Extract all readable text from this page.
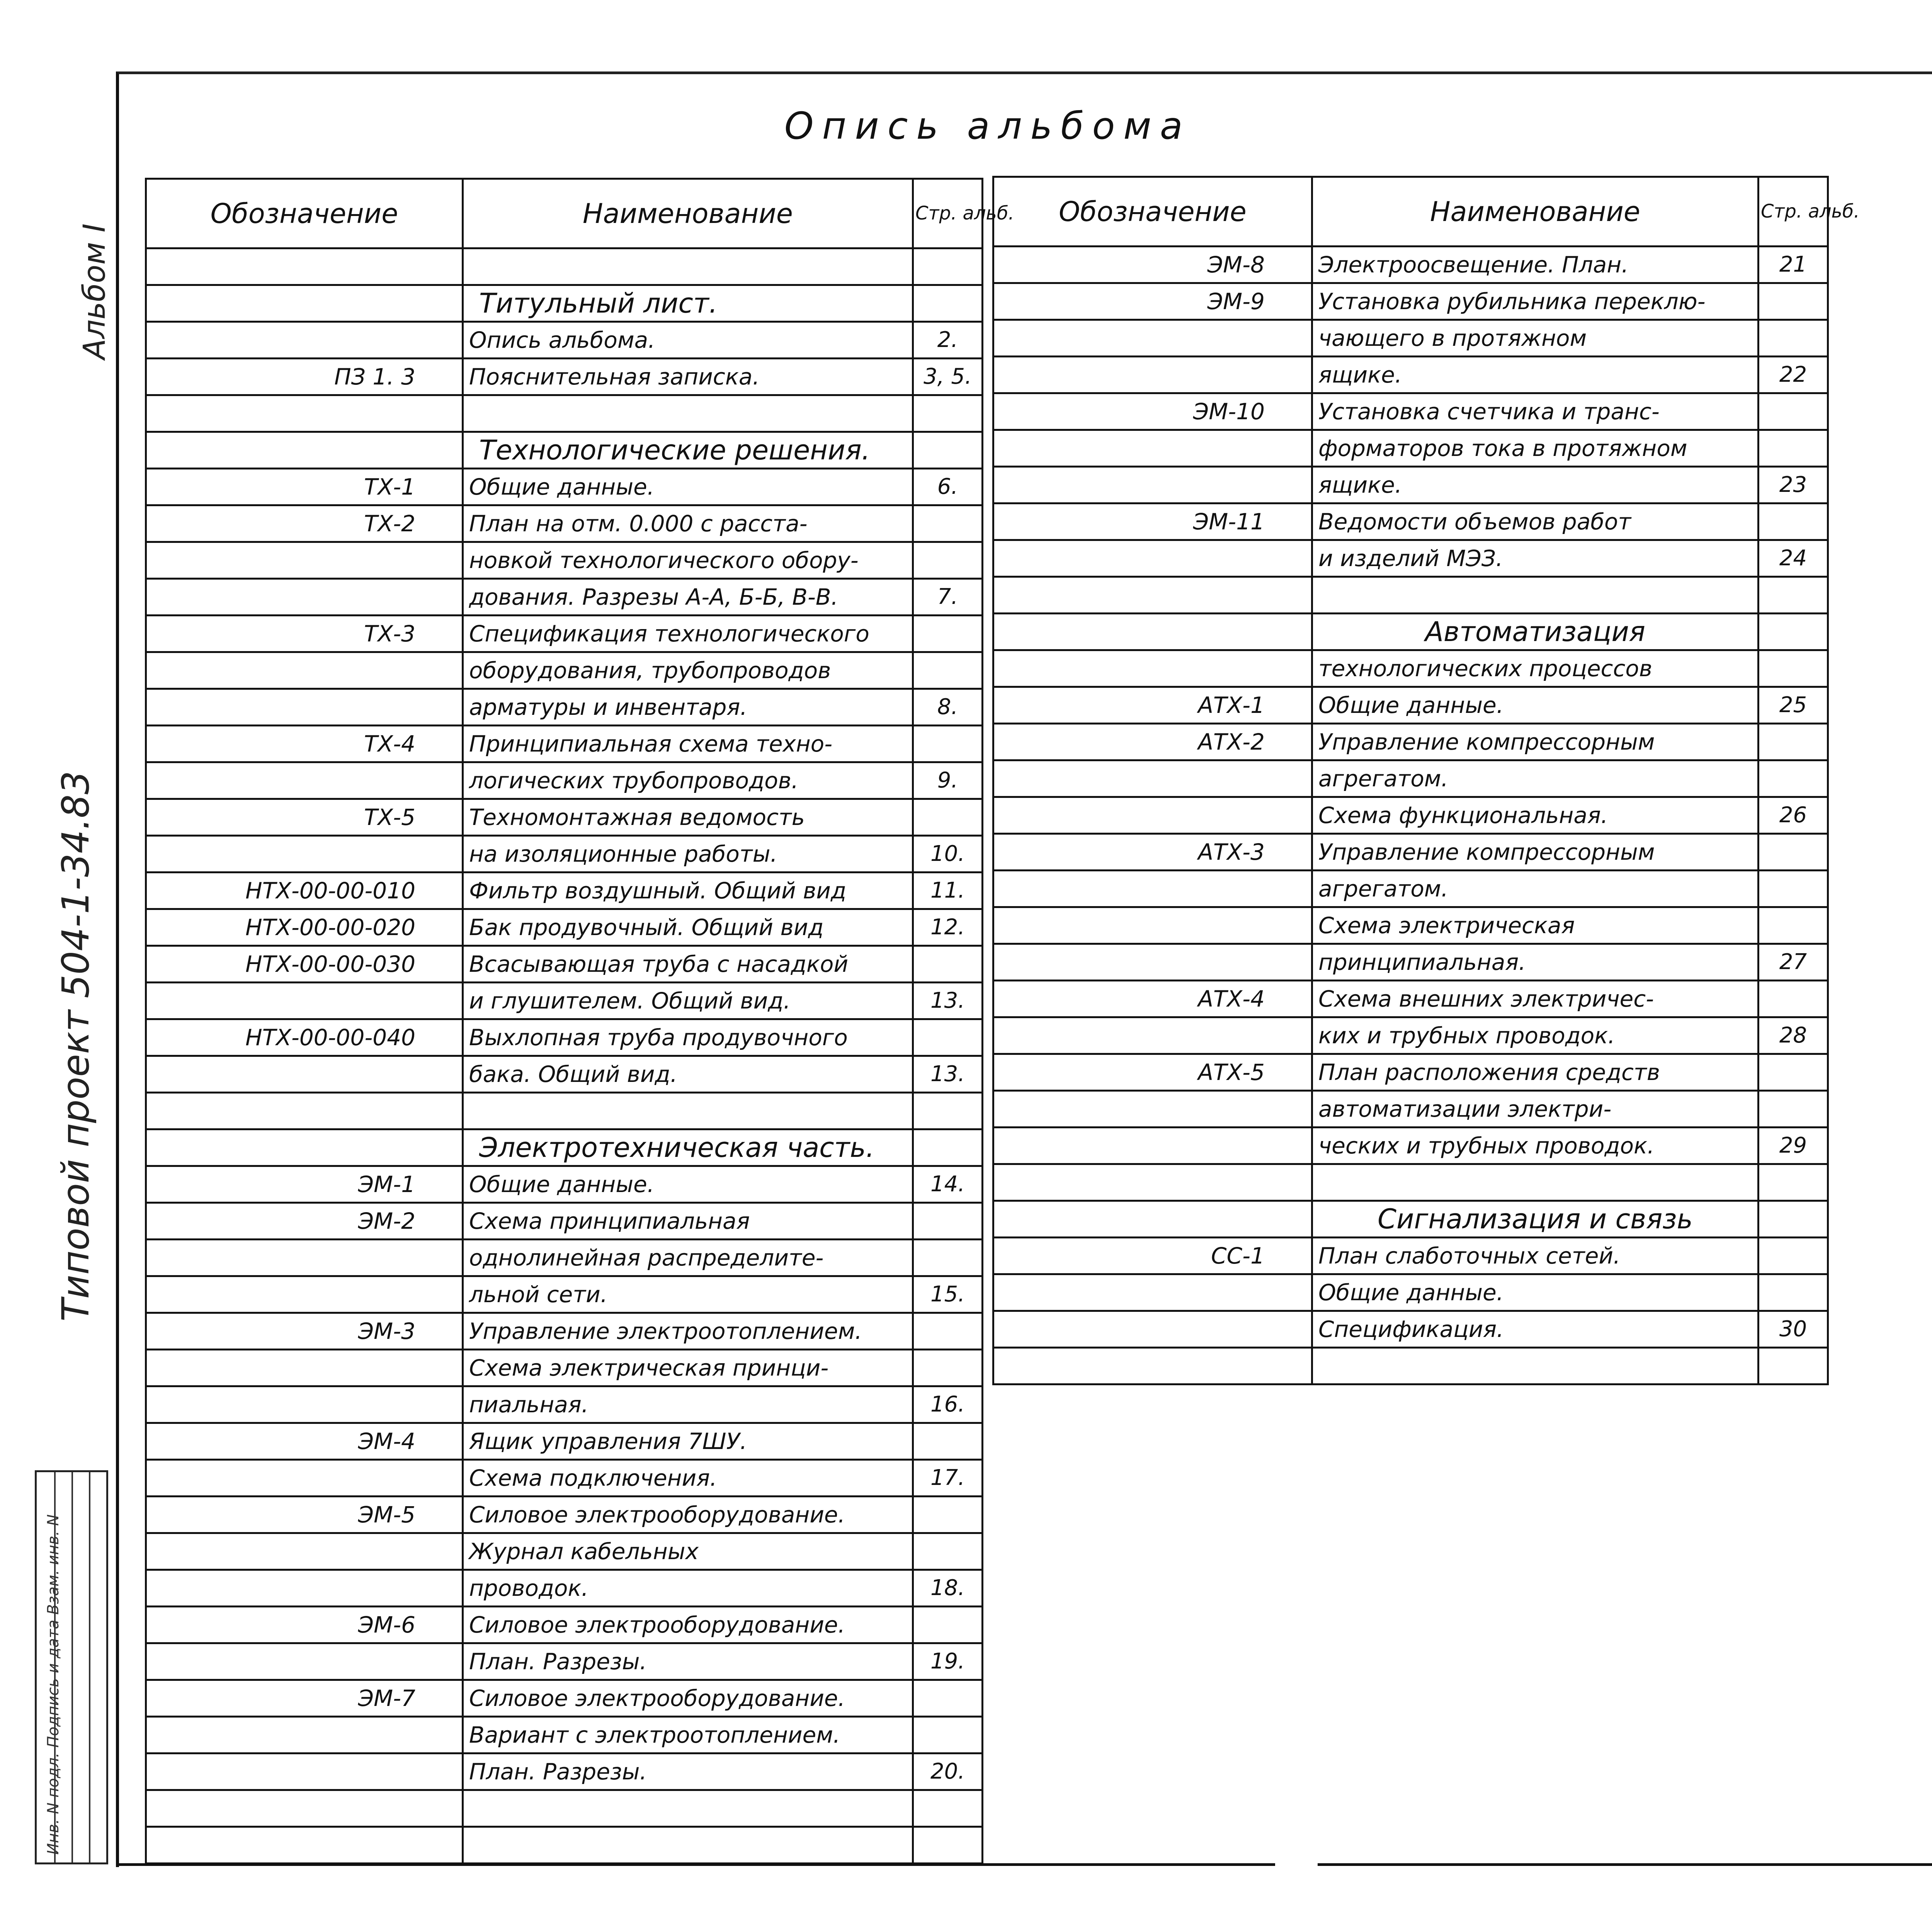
Опись альбома
Альбом I
Типовой проект 504-1-34.83
Инв. N подл. Подпись и дата Взам. инв. N
Обозначение	Наименование	Стр. альб.

	Титульный лист.	
	Опись альбома.	2.
ПЗ 1. 3	Пояснительная записка.	3, 5.

	Технологические решения.	
ТХ-1	Общие данные.	6.
ТХ-2	План на отм. 0.000 с расста-	
	новкой технологического обору-	
	дования. Разрезы А-А, Б-Б, В-В.	7.
ТХ-3	Спецификация технологического	
	оборудования, трубопроводов	
	арматуры и инвентаря.	8.
ТХ-4	Принципиальная схема техно-	
	логических трубопроводов.	9.
ТХ-5	Техномонтажная ведомость	
	на изоляционные работы.	10.
НТХ-00-00-010	Фильтр воздушный. Общий вид	11.
НТХ-00-00-020	Бак продувочный. Общий вид	12.
НТХ-00-00-030	Всасывающая труба с насадкой	
	и глушителем. Общий вид.	13.
НТХ-00-00-040	Выхлопная труба продувочного	
	бака. Общий вид.	13.

	Электротехническая часть.	
ЭМ-1	Общие данные.	14.
ЭМ-2	Схема принципиальная	
	однолинейная распределите-	
	льной сети.	15.
ЭМ-3	Управление электроотоплением.	
	Схема электрическая принци-	
	пиальная.	16.
ЭМ-4	Ящик управления 7ШУ.	
	Схема подключения.	17.
ЭМ-5	Силовое электрооборудование.	
	Журнал кабельных	
	проводок.	18.
ЭМ-6	Силовое электрооборудование.	
	План. Разрезы.	19.
ЭМ-7	Силовое электрооборудование.	
	Вариант с электроотоплением.	
	План. Разрезы.	20.

Обозначение	Наименование	Стр. альб.
ЭМ-8	Электроосвещение. План.	21
ЭМ-9	Установка рубильника переклю-	
	чающего в протяжном	
	ящике.	22
ЭМ-10	Установка счетчика и транс-	
	форматоров тока в протяжном	
	ящике.	23
ЭМ-11	Ведомости объемов работ	
	и изделий МЭЗ.	24

	Автоматизация	
	технологических процессов	
АТХ-1	Общие данные.	25
АТХ-2	Управление компрессорным	
	агрегатом.	
	Схема функциональная.	26
АТХ-3	Управление компрессорным	
	агрегатом.	
	Схема электрическая	
	принципиальная.	27
АТХ-4	Схема внешних электричес-	
	ких и трубных проводок.	28
АТХ-5	План расположения средств	
	автоматизации электри-	
	ческих и трубных проводок.	29

	Сигнализация и связь	
СС-1	План слаботочных сетей.	
	Общие данные.	
	Спецификация.	30
